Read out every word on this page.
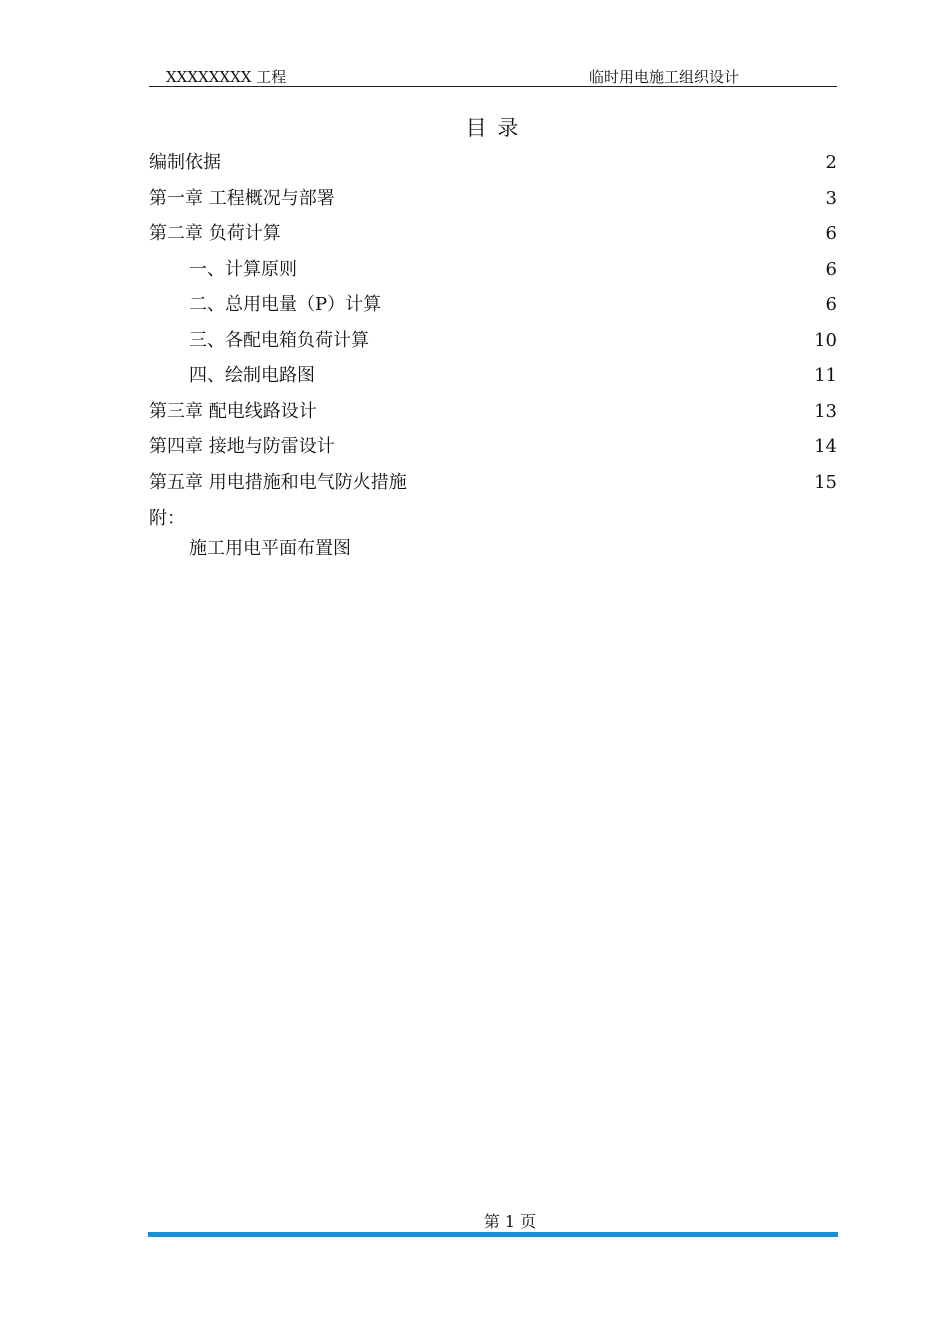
XXXXXXXX 工程	临时用电施工组织设计
目 录
编制依据	2
第一章 工程概况与部署	3
第二章 负荷计算	6
一、计算原则	6
二、总用电量（P）计算	6
三、各配电箱负荷计算	10
四、绘制电路图	11
第三章 配电线路设计	13
第四章 接地与防雷设计	14
第五章 用电措施和电气防火措施	15
附：
施工用电平面布置图
第 1 页
